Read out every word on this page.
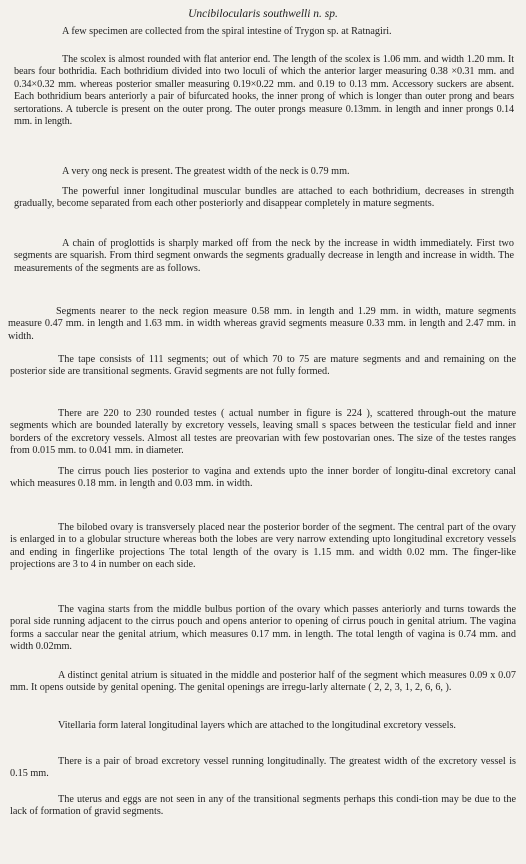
Uncibilocularis southwelli n. sp.

A few specimen are collected from the spiral intestine of Trygon sp. at Ratnagiri.

The scolex is almost rounded with flat anterior end. The length of the scolex is 1.06 mm. and width 1.20 mm. It bears four bothridia. Each bothridium divided into two loculi of which the anterior larger measuring 0.38 ×0.31 mm. and 0.34×0.32 mm. whereas posterior smaller measuring 0.19×0.22 mm. and 0.19 to 0.13 mm. Accessory suckers are absent. Each bothridium bears anteriorly a pair of bifurcated hooks, the inner prong of which is longer than outer prong and bears sertorations. A tubercle is present on the outer prong. The outer prongs measure 0.13mm. in length and inner prongs 0.14 mm. in length.

A very ong neck is present. The greatest width of the neck is 0.79 mm.

The powerful inner longitudinal muscular bundles are attached to each bothridium, decreases in strength gradually, become separated from each other posteriorly and disappear completely in mature segments.

A chain of proglottids is sharply marked off from the neck by the increase in width immediately. First two segments are squarish. From third segment onwards the segments gradually decrease in length and increase in width. The measurements of the segments are as follows.

Segments nearer to the neck region measure 0.58 mm. in length and 1.29 mm. in width, mature segments measure 0.47 mm. in length and 1.63 mm. in width whereas gravid segments measure 0.33 mm. in length and 2.47 mm. in width.

The tape consists of 111 segments; out of which 70 to 75 are mature segments and and remaining on the posterior side are transitional segments. Gravid segments are not fully formed.

There are 220 to 230 rounded testes ( actual number in figure is 224 ), scattered through-out the mature segments which are bounded laterally by excretory vessels, leaving small s spaces between the testicular field and inner borders of the excretory vessels. Almost all testes are preovarian with few postovarian ones. The size of the testes ranges from 0.015 mm. to 0.041 mm. in diameter.

The cirrus pouch lies posterior to vagina and extends upto the inner border of longitu-dinal excretory canal which measures 0.18 mm. in length and 0.03 mm. in width.

The bilobed ovary is transversely placed near the posterior border of the segment. The central part of the ovary is enlarged in to a globular structure whereas both the lobes are very narrow extending upto longitudinal excretory vessels and ending in fingerlike projections The total length of the ovary is 1.15 mm. and width 0.02 mm. The finger-like projections are 3 to 4 in number on each side.

The vagina starts from the middle bulbus portion of the ovary which passes anteriorly and turns towards the poral side running adjacent to the cirrus pouch and opens anterior to opening of cirrus pouch in genital atrium. The vagina forms a saccular near the genital atrium, which measures 0.17 mm. in length. The total length of vagina is 0.74 mm. and width 0.02mm.

A distinct genital atrium is situated in the middle and posterior half of the segment which measures 0.09 x 0.07 mm. It opens outside by genital opening. The genital openings are irregu-larly alternate ( 2, 2, 3, 1, 2, 6, 6, ).

Vitellaria form lateral longitudinal layers which are attached to the longitudinal excretory vessels.

There is a pair of broad excretory vessel running longitudinally. The greatest width of the excretory vessel is 0.15 mm.

The uterus and eggs are not seen in any of the transitional segments perhaps this condi-tion may be due to the lack of formation of gravid segments.
